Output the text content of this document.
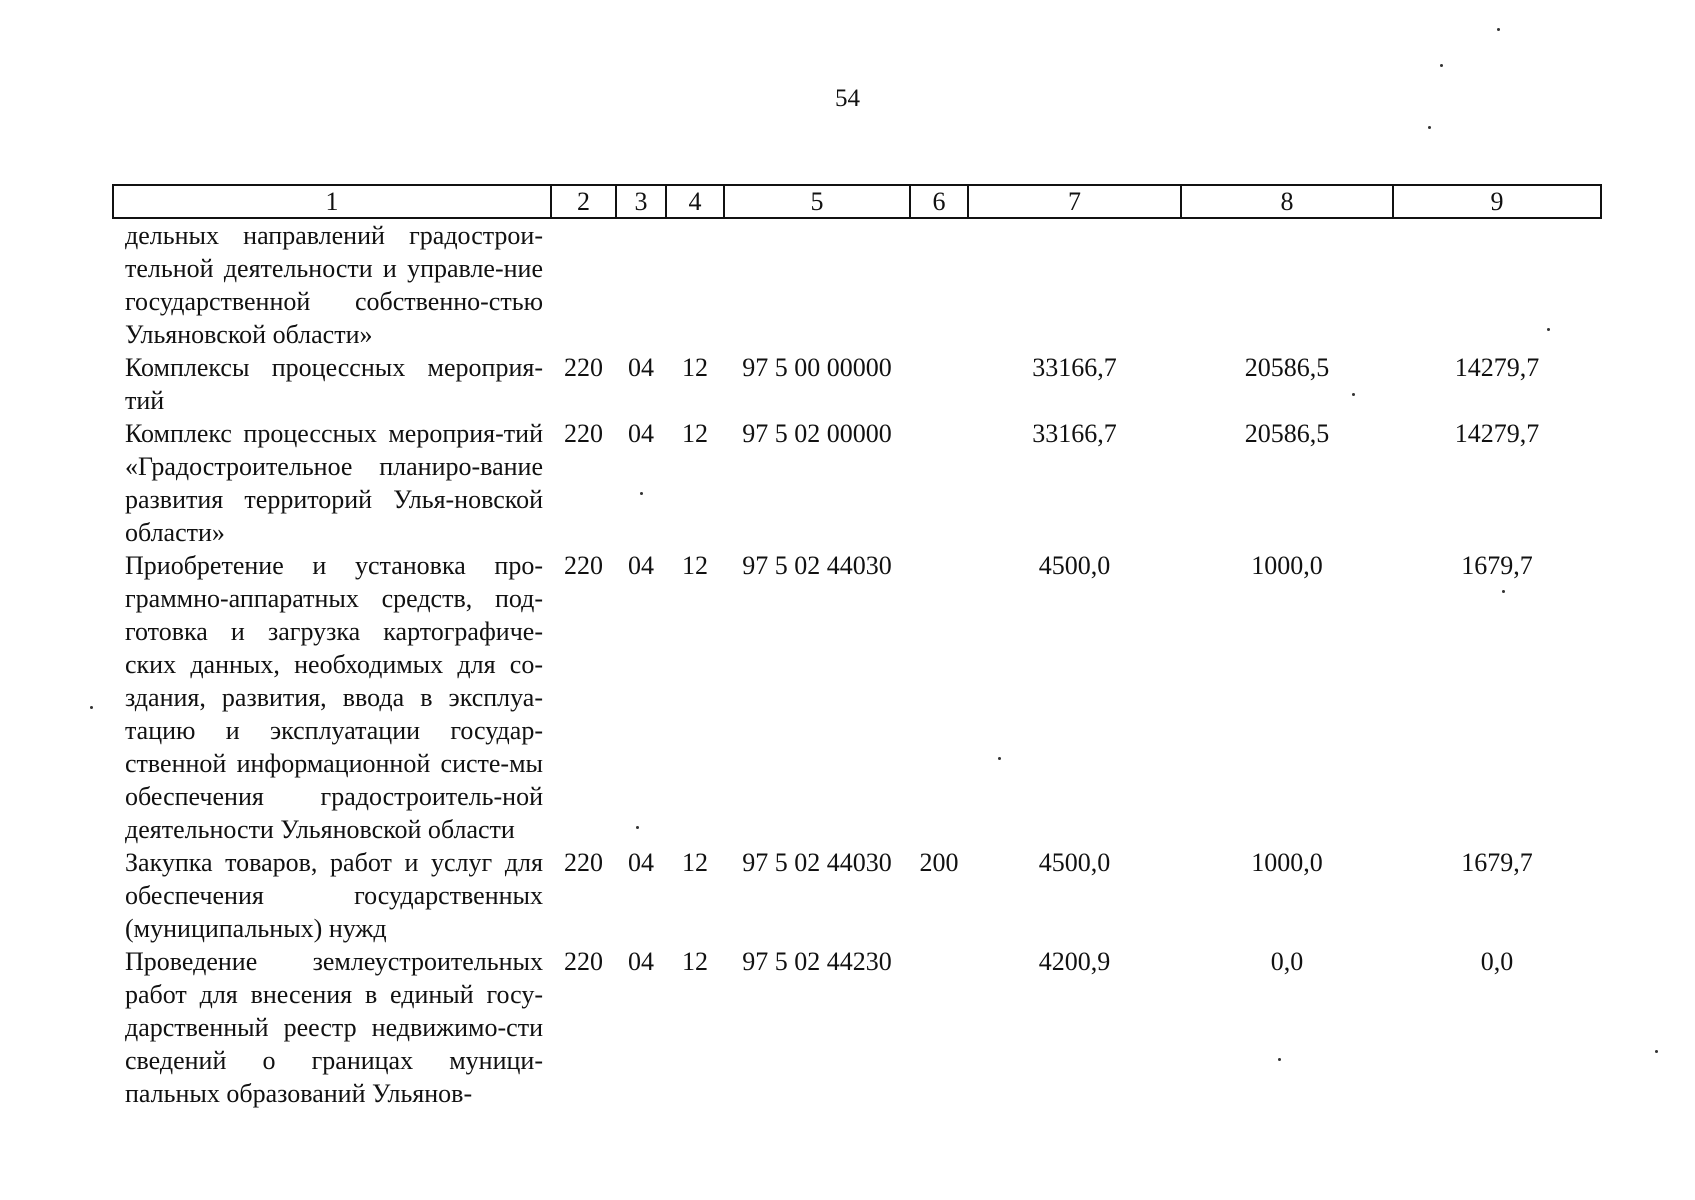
54
1	2	3	4	5	6	7	8	9
дельных направлений градострои-тельной деятельности и управле-ние государственной собственно-стью Ульяновской области»								
Комплексы процессных мероприя-тий	220	04	12	97 5 00 00000		33166,7	20586,5	14279,7
Комплекс процессных мероприя-тий «Градостроительное планиро-вание развития территорий Улья-новской области»	220	04	12	97 5 02 00000		33166,7	20586,5	14279,7
Приобретение и установка про-граммно-аппаратных средств, под-готовка и загрузка картографиче-ских данных, необходимых для со-здания, развития, ввода в эксплуа-тацию и эксплуатации государ-ственной информационной систе-мы обеспечения градостроитель-ной деятельности Ульяновской области	220	04	12	97 5 02 44030		4500,0	1000,0	1679,7
Закупка товаров, работ и услуг для обеспечения государственных (муниципальных) нужд	220	04	12	97 5 02 44030	200	4500,0	1000,0	1679,7
Проведение землеустроительных работ для внесения в единый госу-дарственный реестр недвижимо-сти сведений о границах муници-пальных образований Ульянов-	220	04	12	97 5 02 44230		4200,9	0,0	0,0
